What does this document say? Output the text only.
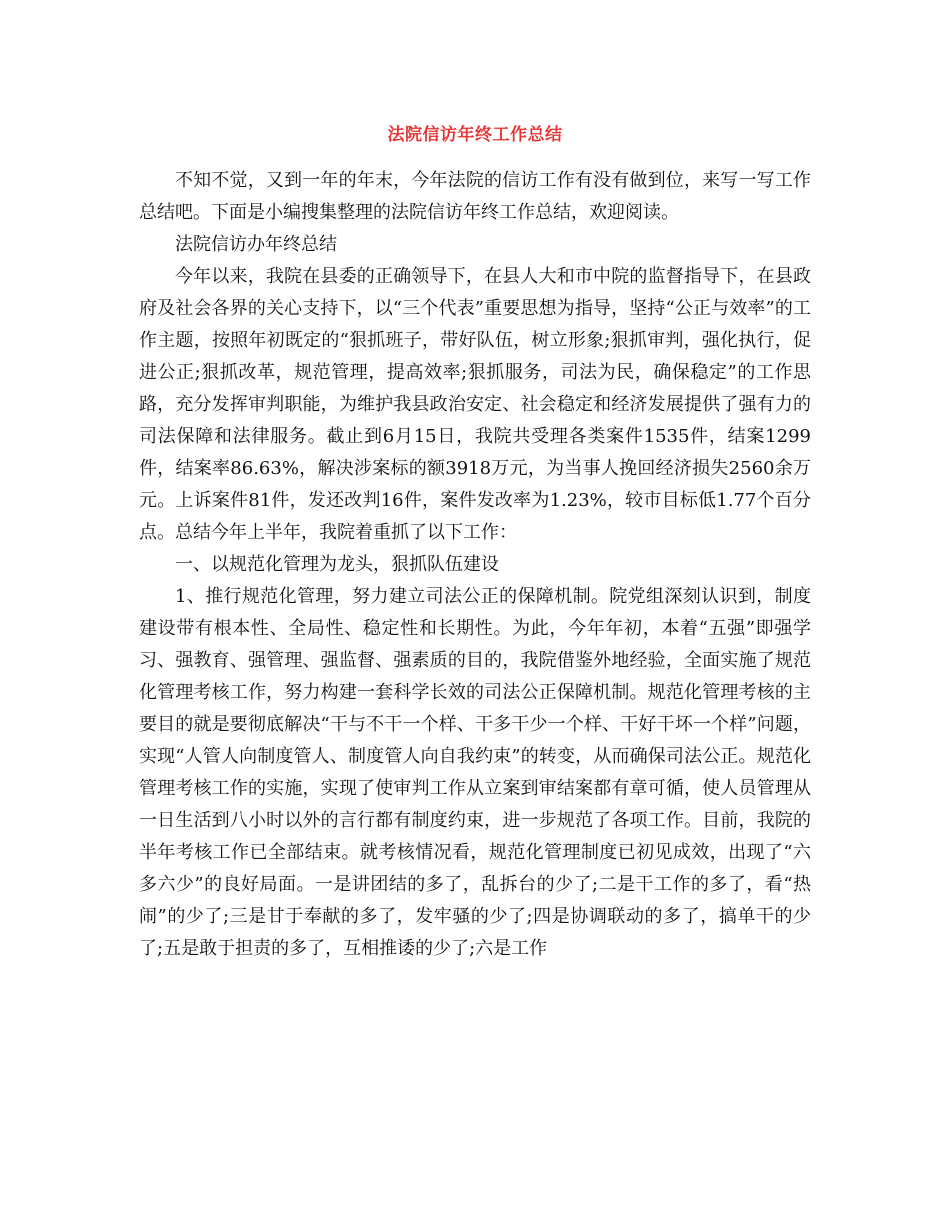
法院信访年终工作总结

不知不觉，又到一年的年末，今年法院的信访工作有没有做到位，来写一写工作总结吧。下面是小编搜集整理的法院信访年终工作总结，欢迎阅读。

法院信访办年终总结

今年以来，我院在县委的正确领导下，在县人大和市中院的监督指导下，在县政府及社会各界的关心支持下，以“三个代表”重要思想为指导，坚持“公正与效率”的工作主题，按照年初既定的“狠抓班子，带好队伍，树立形象;狠抓审判，强化执行，促进公正;狠抓改革，规范管理，提高效率;狠抓服务，司法为民，确保稳定”的工作思路，充分发挥审判职能，为维护我县政治安定、社会稳定和经济发展提供了强有力的司法保障和法律服务。截止到6月15日，我院共受理各类案件1535件，结案1299件，结案率86.63%，解决涉案标的额3918万元，为当事人挽回经济损失2560余万元。上诉案件81件，发还改判16件，案件发改率为1.23%，较市目标低1.77个百分点。总结今年上半年，我院着重抓了以下工作：

一、以规范化管理为龙头，狠抓队伍建设

1、推行规范化管理，努力建立司法公正的保障机制。院党组深刻认识到，制度建设带有根本性、全局性、稳定性和长期性。为此，今年年初，本着“五强”即强学习、强教育、强管理、强监督、强素质的目的，我院借鉴外地经验，全面实施了规范化管理考核工作，努力构建一套科学长效的司法公正保障机制。规范化管理考核的主要目的就是要彻底解决“干与不干一个样、干多干少一个样、干好干坏一个样”问题，实现“人管人向制度管人、制度管人向自我约束”的转变，从而确保司法公正。规范化管理考核工作的实施，实现了使审判工作从立案到审结案都有章可循，使人员管理从一日生活到八小时以外的言行都有制度约束，进一步规范了各项工作。目前，我院的半年考核工作已全部结束。就考核情况看，规范化管理制度已初见成效，出现了“六多六少”的良好局面。一是讲团结的多了，乱拆台的少了;二是干工作的多了，看“热闹”的少了;三是甘于奉献的多了，发牢骚的少了;四是协调联动的多了，搞单干的少了;五是敢于担责的多了，互相推诿的少了;六是工作
